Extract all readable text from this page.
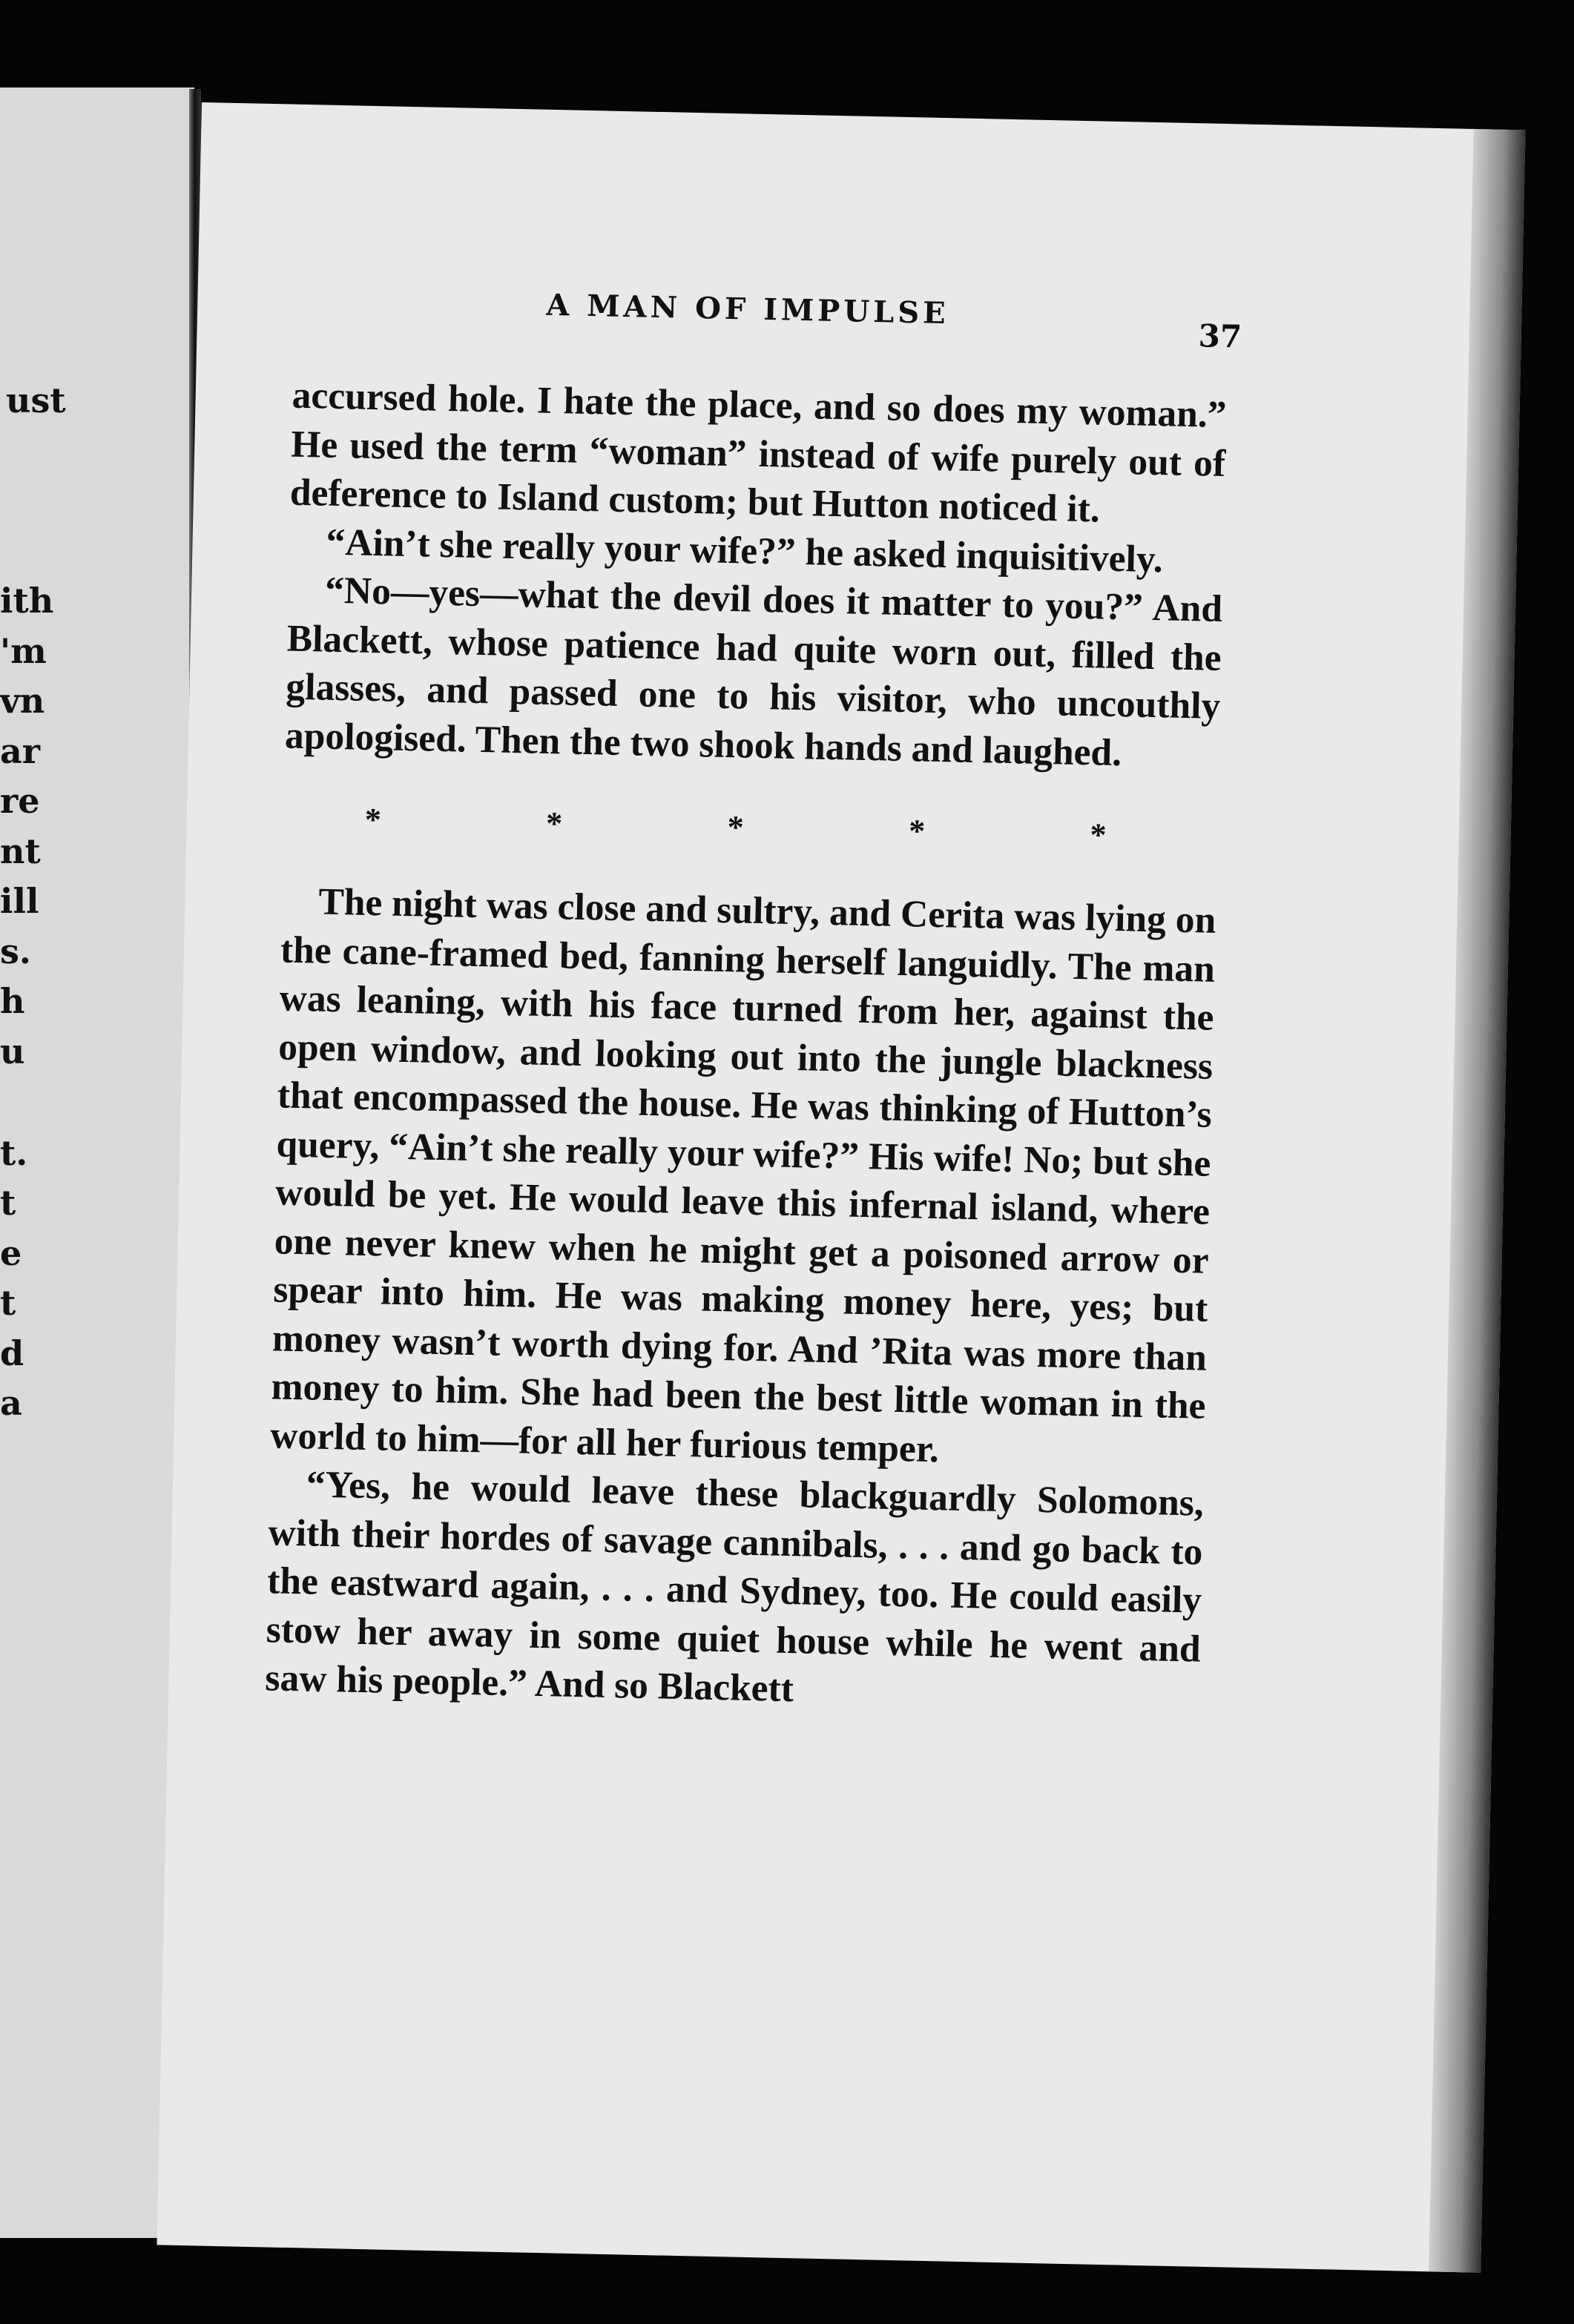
ust
ith
'm
vn
ar
re
nt
ill
s.
h
u
t.
t
e
t
d
a
A MAN OF IMPULSE
37

accursed hole. I hate the place, and so does my woman.” He used the term “woman” instead of wife purely out of deference to Island custom; but Hutton noticed it.

“Ain’t she really your wife?” he asked inquisitively.

“No—yes—what the devil does it matter to you?” And Blackett, whose patience had quite worn out, filled the glasses, and passed one to his visitor, who uncouthly apologised. Then the two shook hands and laughed.

*	*	*	*	*

The night was close and sultry, and Cerita was lying on the cane-framed bed, fanning herself languidly. The man was leaning, with his face turned from her, against the open window, and looking out into the jungle blackness that encompassed the house. He was thinking of Hutton’s query, “Ain’t she really your wife?” His wife! No; but she would be yet. He would leave this infernal island, where one never knew when he might get a poisoned arrow or spear into him. He was making money here, yes; but money wasn’t worth dying for. And ’Rita was more than money to him. She had been the best little woman in the world to him—for all her furious temper.

“Yes, he would leave these blackguardly Solomons, with their hordes of savage cannibals, . . . and go back to the eastward again, . . . and Sydney, too. He could easily stow her away in some quiet house while he went and saw his people.” And so Blackett
